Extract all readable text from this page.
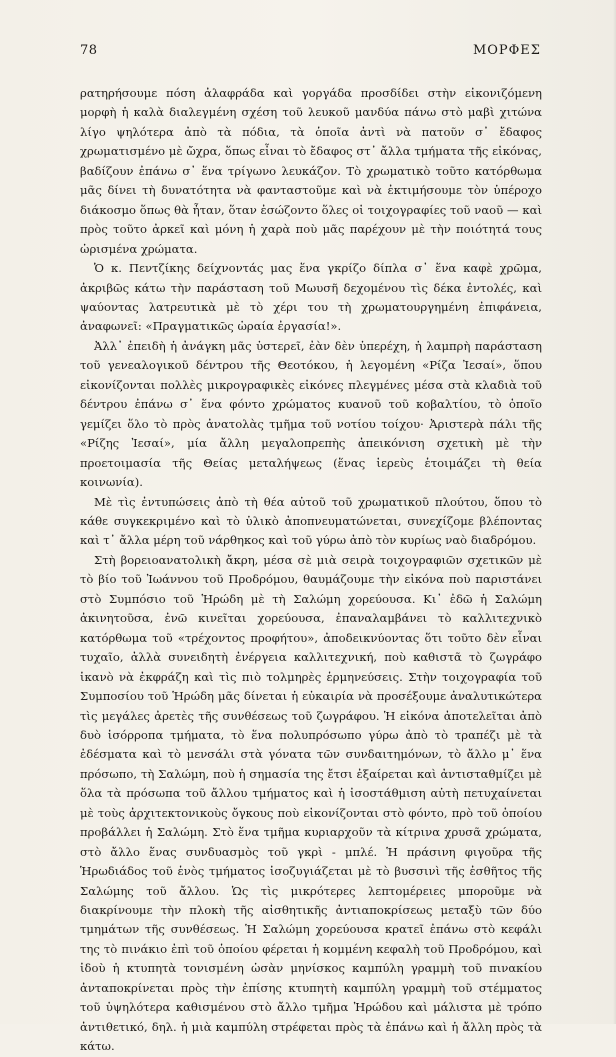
78	ΜΟΡΦΕΣ

ρατηρήσουμε πόση ἀλαφράδα καὶ γοργάδα προσδίδει στὴν εἰκονιζόμενη μορφὴ ἡ καλὰ διαλεγμένη σχέση τοῦ λευκοῦ μανδύα πάνω στὸ μαβὶ χιτώνα λίγο ψηλότερα ἀπὸ τὰ πόδια, τὰ ὁποῖα ἀντὶ νὰ πατοῦν σ᾽ ἔδαφος χρωματισμένο μὲ ὤχρα, ὅπως εἶναι τὸ ἔδαφος στ᾽ ἄλλα τμήματα τῆς εἰκόνας, βαδίζουν ἐπάνω σ᾽ ἕνα τρίγωνο λευκάζον. Τὸ χρωματικὸ τοῦτο κατόρθωμα μᾶς δίνει τὴ δυνατότητα νὰ φανταστοῦμε καὶ νὰ ἐκτιμήσουμε τὸν ὑπέροχο διάκοσμο ὅπως θὰ ἦταν, ὅταν ἐσώζοντο ὅλες οἱ τοιχογραφίες τοῦ ναοῦ — καὶ πρὸς τοῦτο ἀρκεῖ καὶ μόνη ἡ χαρὰ ποὺ μᾶς παρέχουν μὲ τὴν ποιότητά τους ὡρισμένα χρώματα.

Ὁ κ. Πεντζίκης δείχνοντάς μας ἕνα γκρίζο δίπλα σ᾽ ἕνα καφὲ χρῶμα, ἀκριβῶς κάτω τὴν παράσταση τοῦ Μωυσῆ δεχομένου τὶς δέκα ἐντολές, καὶ ψαύοντας λατρευτικὰ μὲ τὸ χέρι του τὴ χρωματουργημένη ἐπιφάνεια, ἀναφωνεῖ: «Πραγματικῶς ὡραία ἐργασία!».

Ἀλλ᾽ ἐπειδὴ ἡ ἀνάγκη μᾶς ὑστερεῖ, ἐὰν δὲν ὑπερέχη, ἡ λαμπρὴ παράσταση τοῦ γενεαλογικοῦ δέντρου τῆς Θεοτόκου, ἡ λεγομένη «Ρίζα Ἰεσαί», ὅπου εἰκονίζονται πολλὲς μικρογραφικὲς εἰκόνες πλεγμένες μέσα στὰ κλαδιὰ τοῦ δέντρου ἐπάνω σ᾽ ἕνα φόντο χρώματος κυανοῦ τοῦ κοβαλτίου, τὸ ὁποῖο γεμίζει ὅλο τὸ πρὸς ἀνατολὰς τμῆμα τοῦ νοτίου τοίχου· Ἀριστερὰ πάλι τῆς «Ρίζης Ἰεσαί», μία ἄλλη μεγαλοπρεπὴς ἀπεικόνιση σχετικὴ μὲ τὴν προετοιμασία τῆς Θείας μεταλήψεως (ἕνας ἱερεὺς ἑτοιμάζει τὴ θεία κοινωνία).

Μὲ τὶς ἐντυπώσεις ἀπὸ τὴ θέα αὐτοῦ τοῦ χρωματικοῦ πλούτου, ὅπου τὸ κάθε συγκεκριμένο καὶ τὸ ὑλικὸ ἀποπνευματώνεται, συνεχίζομε βλέποντας καὶ τ᾽ ἄλλα μέρη τοῦ νάρθηκος καὶ τοῦ γύρω ἀπὸ τὸν κυρίως ναὸ διαδρόμου.

Στὴ βορειοανατολικὴ ἄκρη, μέσα σὲ μιὰ σειρὰ τοιχογραφιῶν σχετικῶν μὲ τὸ βίο τοῦ Ἰωάννου τοῦ Προδρόμου, θαυμάζουμε τὴν εἰκόνα ποὺ παριστάνει στὸ Συμπόσιο τοῦ Ἡρώδη μὲ τὴ Σαλώμη χορεύουσα. Κι᾽ ἐδῶ ἡ Σαλώμη ἀκινητοῦσα, ἐνῶ κινεῖται χορεύουσα, ἐπαναλαμβάνει τὸ καλλιτεχνικὸ κατόρθωμα τοῦ «τρέχοντος προφήτου», ἀποδεικνύοντας ὅτι τοῦτο δὲν εἶναι τυχαῖο, ἀλλὰ συνειδητὴ ἐνέργεια καλλιτεχνική, ποὺ καθιστᾶ τὸ ζωγράφο ἱκανὸ νὰ ἐκφράζη καὶ τὶς πιὸ τολμηρὲς ἑρμηνεύσεις. Στὴν τοιχογραφία τοῦ Συμποσίου τοῦ Ἡρώδη μᾶς δίνεται ἡ εὐκαιρία νὰ προσέξουμε ἀναλυτικώτερα τὶς μεγάλες ἀρετὲς τῆς συνθέσεως τοῦ ζωγράφου. Ἡ εἰκόνα ἀποτελεῖται ἀπὸ δυὸ ἰσόρροπα τμήματα, τὸ ἕνα πολυπρόσωπο γύρω ἀπὸ τὸ τραπέζι μὲ τὰ ἐδέσματα καὶ τὸ μενσάλι στὰ γόνατα τῶν συνδαιτημόνων, τὸ ἄλλο μ᾽ ἕνα πρόσωπο, τὴ Σαλώμη, ποὺ ἡ σημασία της ἔτσι ἐξαίρεται καὶ ἀντισταθμίζει μὲ ὅλα τὰ πρόσωπα τοῦ ἄλλου τμήματος καὶ ἡ ἰσοστάθμιση αὐτὴ πετυχαίνεται μὲ τοὺς ἀρχιτεκτονικοὺς ὄγκους ποὺ εἰκονίζονται στὸ φόντο, πρὸ τοῦ ὁποίου προβάλλει ἡ Σαλώμη. Στὸ ἕνα τμῆμα κυριαρχοῦν τὰ κίτρινα χρυσᾶ χρώματα, στὸ ἄλλο ἕνας συνδυασμὸς τοῦ γκρὶ - μπλέ. Ἡ πράσινη φιγοῦρα τῆς Ἡρωδιάδος τοῦ ἑνὸς τμήματος ἰσοζυγιάζεται μὲ τὸ βυσσινὶ τῆς ἐσθῆτος τῆς Σαλώμης τοῦ ἄλλου. Ὡς τὶς μικρότερες λεπτομέρειες μποροῦμε νὰ διακρίνουμε τὴν πλοκὴ τῆς αἰσθητικῆς ἀντιαποκρίσεως μεταξὺ τῶν δύο τμημάτων τῆς συνθέσεως. Ἡ Σαλώμη χορεύουσα κρατεῖ ἐπάνω στὸ κεφάλι της τὸ πινάκιο ἐπὶ τοῦ ὁποίου φέρεται ἡ κομμένη κεφαλὴ τοῦ Προδρόμου, καὶ ἰδοὺ ἡ κτυπητὰ τονισμένη ὡσὰν μηνίσκος καμπύλη γραμμὴ τοῦ πινακίου ἀνταποκρίνεται πρὸς τὴν ἐπίσης κτυπητὴ καμπύλη γραμμὴ τοῦ στέμματος τοῦ ὑψηλότερα καθισμένου στὸ ἄλλο τμῆμα Ἡρώδου καὶ μάλιστα μὲ τρόπο ἀντιθετικό, δηλ. ἡ μιὰ καμπύλη στρέφεται πρὸς τὰ ἐπάνω καὶ ἡ ἄλλη πρὸς τὰ κάτω.
